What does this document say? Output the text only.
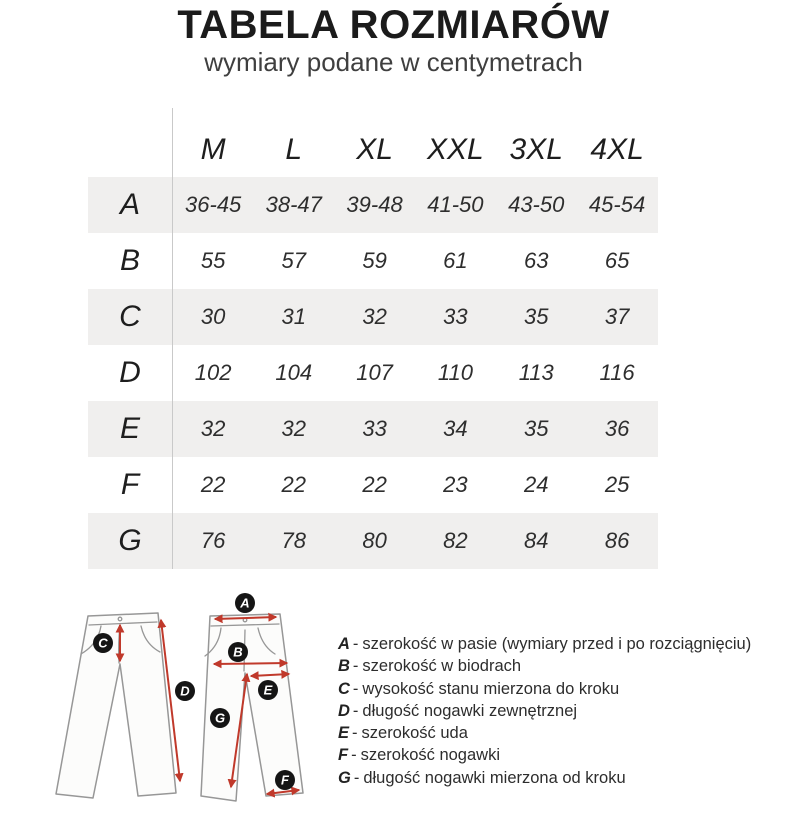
TABELA ROZMIARÓW
wymiary podane w centymetrach
	M	L	XL	XXL	3XL	4XL
A	36-45	38-47	39-48	41-50	43-50	45-54
B	55	57	59	61	63	65
C	30	31	32	33	35	37
D	102	104	107	110	113	116
E	32	32	33	34	35	36
F	22	22	22	23	24	25
G	76	78	80	82	84	86
C
D
A
B
E
G
F
A - szerokość w pasie (wymiary przed i po rozciągnięciu)
B - szerokość w biodrach
C - wysokość stanu mierzona do kroku
D - długość nogawki zewnętrznej
E - szerokość uda
F - szerokość nogawki
G - długość nogawki mierzona od kroku
